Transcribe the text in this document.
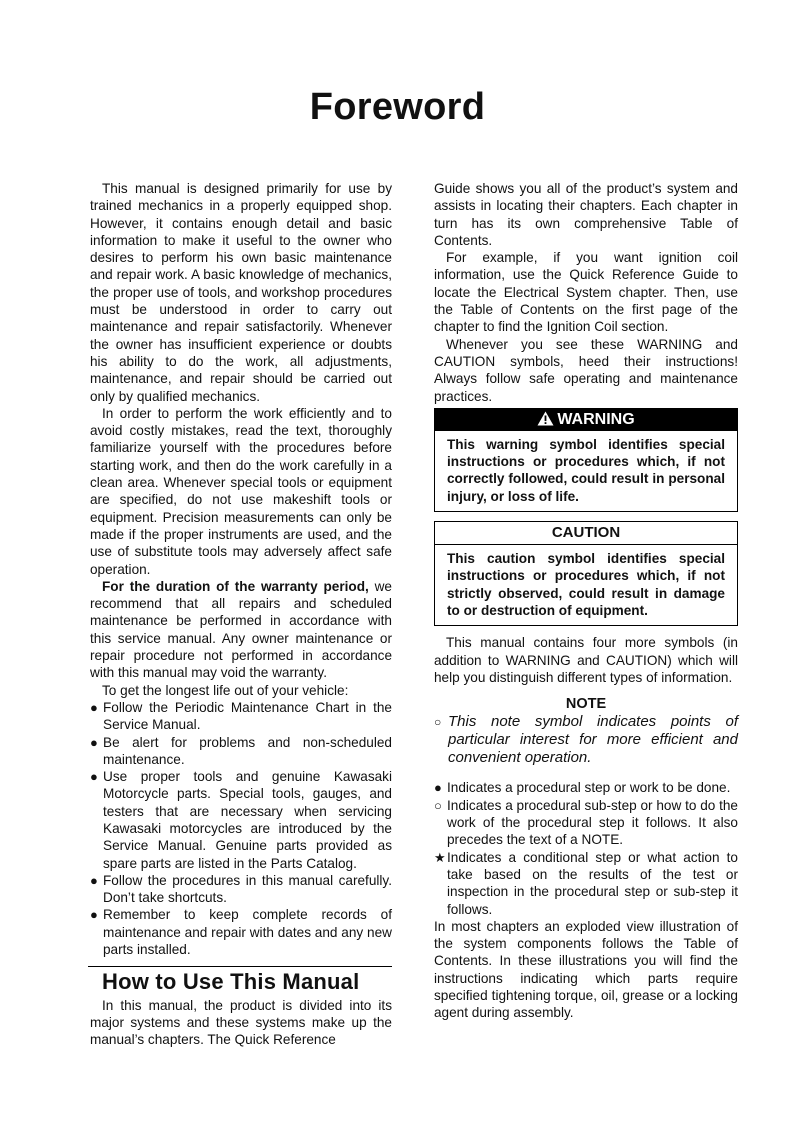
Foreword

This manual is designed primarily for use by trained mechanics in a properly equipped shop. However, it contains enough detail and basic information to make it useful to the owner who desires to perform his own basic maintenance and repair work. A basic knowledge of mechanics, the proper use of tools, and workshop procedures must be understood in order to carry out maintenance and repair satisfactorily. Whenever the owner has insufficient experience or doubts his ability to do the work, all adjustments, maintenance, and repair should be carried out only by qualified mechanics.

In order to perform the work efficiently and to avoid costly mistakes, read the text, thoroughly familiarize yourself with the procedures before starting work, and then do the work carefully in a clean area. Whenever special tools or equipment are specified, do not use makeshift tools or equipment. Precision measurements can only be made if the proper instruments are used, and the use of substitute tools may adversely affect safe operation.

For the duration of the warranty period, we recommend that all repairs and scheduled maintenance be performed in accordance with this service manual. Any owner maintenance or repair procedure not performed in accordance with this manual may void the warranty.

To get the longest life out of your vehicle:

● Follow the Periodic Maintenance Chart in the Service Manual.
● Be alert for problems and non-scheduled maintenance.
● Use proper tools and genuine Kawasaki Motorcycle parts. Special tools, gauges, and testers that are necessary when servicing Kawasaki motorcycles are introduced by the Service Manual. Genuine parts provided as spare parts are listed in the Parts Catalog.
● Follow the procedures in this manual carefully. Don’t take shortcuts.
● Remember to keep complete records of maintenance and repair with dates and any new parts installed.
How to Use This Manual

In this manual, the product is divided into its major systems and these systems make up the manual’s chapters. The Quick Reference

Guide shows you all of the product’s system and assists in locating their chapters. Each chapter in turn has its own comprehensive Table of Contents.

For example, if you want ignition coil information, use the Quick Reference Guide to locate the Electrical System chapter. Then, use the Table of Contents on the first page of the chapter to find the Ignition Coil section.

Whenever you see these WARNING and CAUTION symbols, heed their instructions! Always follow safe operating and maintenance practices.

WARNING
This warning symbol identifies special instructions or procedures which, if not correctly followed, could result in personal injury, or loss of life.
CAUTION
This caution symbol identifies special instructions or procedures which, if not strictly observed, could result in damage to or destruction of equipment.

This manual contains four more symbols (in addition to WARNING and CAUTION) which will help you distinguish different types of information.

NOTE
○ This note symbol indicates points of particular interest for more efficient and convenient operation.
● Indicates a procedural step or work to be done.
○ Indicates a procedural sub-step or how to do the work of the procedural step it follows. It also precedes the text of a NOTE.
★ Indicates a conditional step or what action to take based on the results of the test or inspection in the procedural step or sub-step it follows.

In most chapters an exploded view illustration of the system components follows the Table of Contents. In these illustrations you will find the instructions indicating which parts require specified tightening torque, oil, grease or a locking agent during assembly.
